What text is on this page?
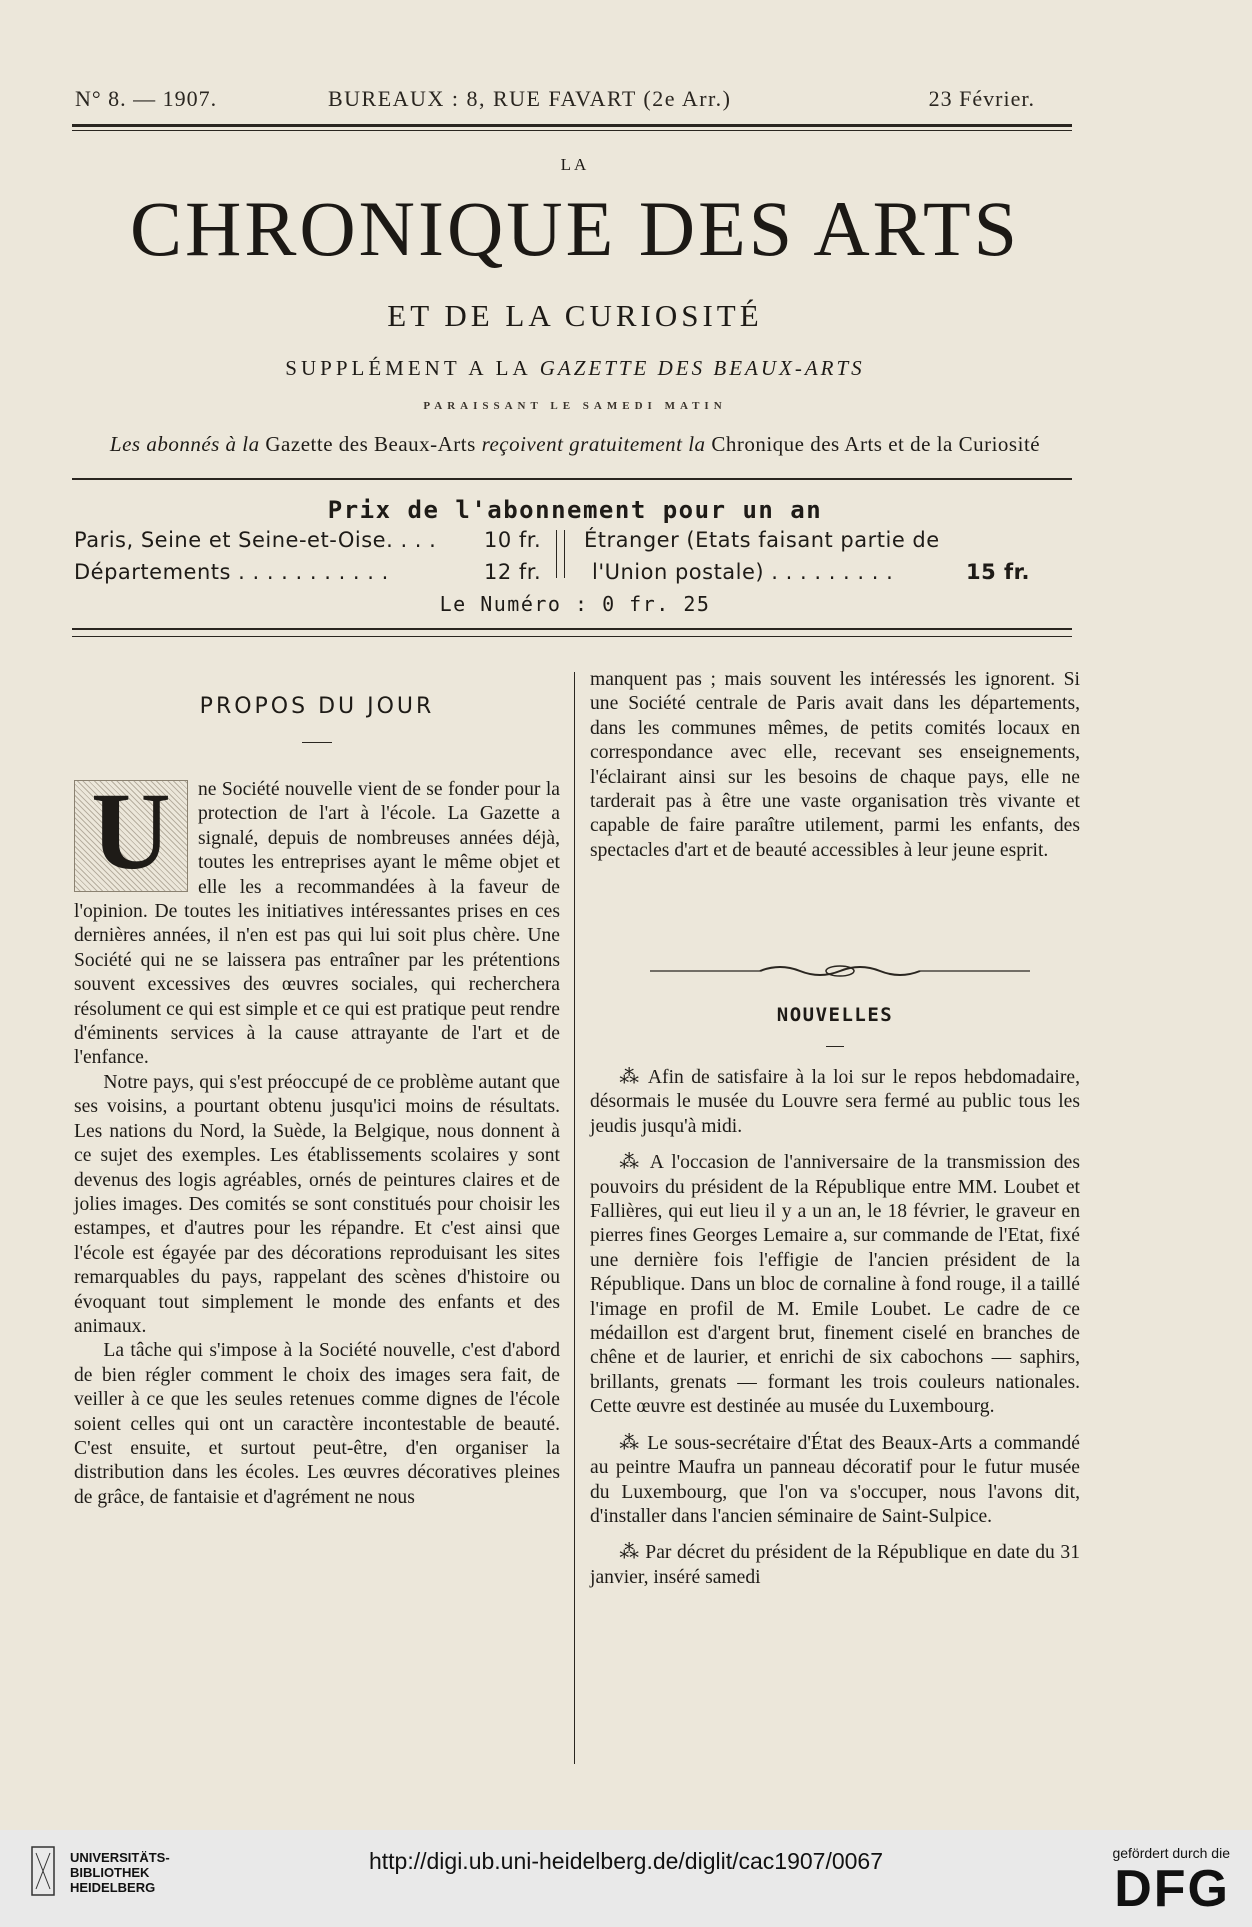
N° 8. — 1907.	BUREAUX : 8, RUE FAVART (2e Arr.)	23 Février.
LA
CHRONIQUE DES ARTS
ET DE LA CURIOSITÉ
SUPPLÉMENT A LA GAZETTE DES BEAUX-ARTS
PARAISSANT LE SAMEDI MATIN
Les abonnés à la Gazette des Beaux-Arts reçoivent gratuitement la Chronique des Arts et de la Curiosité
Prix de l'abonnement pour un an
Paris, Seine et Seine-et-Oise. . . . 10 fr.
Départements . . . . . . . . . . .	12 fr.
Étranger (Etats faisant partie de
l'Union postale) . . . . . . . . .	15 fr.
Le Numéro : 0 fr. 25
PROPOS DU JOUR

U	ne Société nouvelle vient de se fonder pour la protection de l'art à l'école. La Gazette a signalé, depuis de nombreuses années déjà, toutes les entreprises ayant le même objet et elle les a recommandées à la faveur de l'opinion. De toutes les initiatives intéressantes prises en ces dernières années, il n'en est pas qui lui soit plus chère. Une Société qui ne se laissera pas entraîner par les prétentions souvent excessives des œuvres sociales, qui recherchera résolument ce qui est simple et ce qui est pratique peut rendre d'éminents services à la cause attrayante de l'art et de l'enfance.

Notre pays, qui s'est préoccupé de ce problème autant que ses voisins, a pourtant obtenu jusqu'ici moins de résultats. Les nations du Nord, la Suède, la Belgique, nous donnent à ce sujet des exemples. Les établissements scolaires y sont devenus des logis agréables, ornés de peintures claires et de jolies images. Des comités se sont constitués pour choisir les estampes, et d'autres pour les répandre. Et c'est ainsi que l'école est égayée par des décorations reproduisant les sites remarquables du pays, rappelant des scènes d'histoire ou évoquant tout simplement le monde des enfants et des animaux.

La tâche qui s'impose à la Société nouvelle, c'est d'abord de bien régler comment le choix des images sera fait, de veiller à ce que les seules retenues comme dignes de l'école soient celles qui ont un caractère incontestable de beauté. C'est ensuite, et surtout peut-être, d'en organiser la distribution dans les écoles. Les œuvres décoratives pleines de grâce, de fantaisie et d'agrément ne nous

manquent pas ; mais souvent les intéressés les ignorent. Si une Société centrale de Paris avait dans les départements, dans les communes mêmes, de petits comités locaux en correspondance avec elle, recevant ses enseignements, l'éclairant ainsi sur les besoins de chaque pays, elle ne tarderait pas à être une vaste organisation très vivante et capable de faire paraître utilement, parmi les enfants, des spectacles d'art et de beauté accessibles à leur jeune esprit.

NOUVELLES

⁂ Afin de satisfaire à la loi sur le repos hebdomadaire, désormais le musée du Louvre sera fermé au public tous les jeudis jusqu'à midi.

⁂ A l'occasion de l'anniversaire de la transmission des pouvoirs du président de la République entre MM. Loubet et Fallières, qui eut lieu il y a un an, le 18 février, le graveur en pierres fines Georges Lemaire a, sur commande de l'Etat, fixé une dernière fois l'effigie de l'ancien président de la République. Dans un bloc de cornaline à fond rouge, il a taillé l'image en profil de M. Emile Loubet. Le cadre de ce médaillon est d'argent brut, finement ciselé en branches de chêne et de laurier, et enrichi de six cabochons — saphirs, brillants, grenats — formant les trois couleurs nationales. Cette œuvre est destinée au musée du Luxembourg.

⁂ Le sous-secrétaire d'État des Beaux-Arts a commandé au peintre Maufra un panneau décoratif pour le futur musée du Luxembourg, que l'on va s'occuper, nous l'avons dit, d'installer dans l'ancien séminaire de Saint-Sulpice.

⁂ Par décret du président de la République en date du 31 janvier, inséré samedi

UNIVERSITÄTS-
BIBLIOTHEK
HEIDELBERG
http://digi.ub.uni-heidelberg.de/diglit/cac1907/0067	gefördert durch die
DFG
